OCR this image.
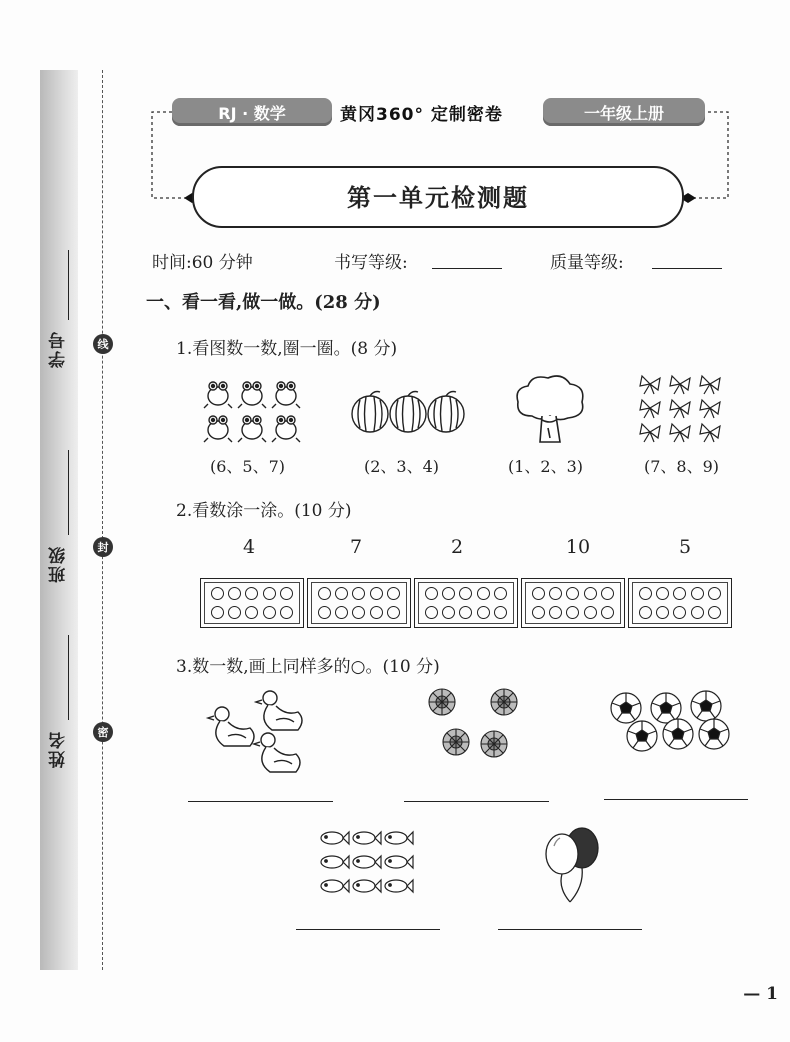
学号
班级
姓名
线
封
密
RJ · 数学	黄冈360° 定制密卷	一年级上册
第一单元检测题
时间:60 分钟	书写等级:	质量等级:
一、看一看,做一做。(28 分)
1.看图数一数,圈一圈。(8 分)
(6、5、7)	(2、3、4)	(1、2、3)	(7、8、9)
2.看数涂一涂。(10 分)
4	7	2	10	5
3.数一数,画上同样多的○。(10 分)
— 1
